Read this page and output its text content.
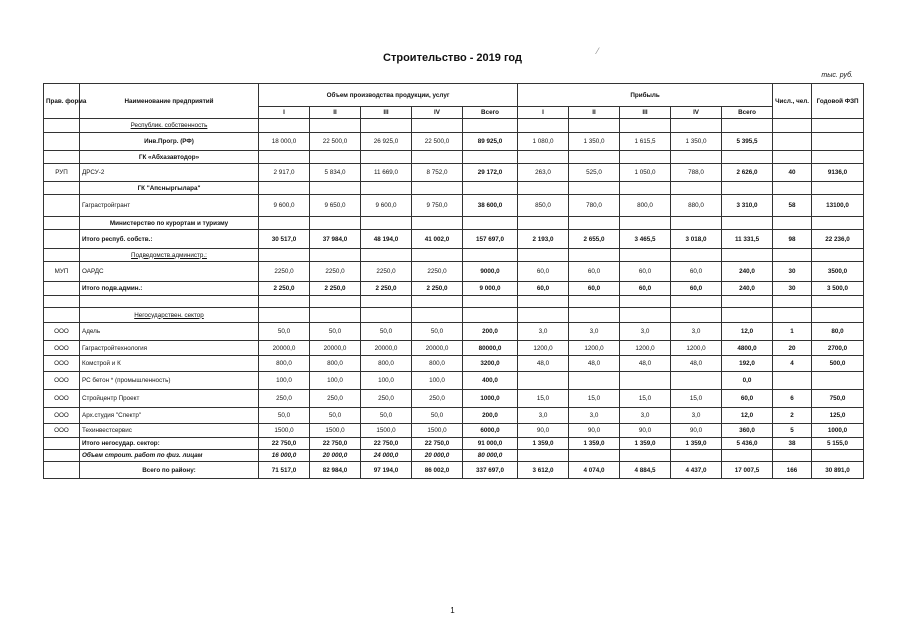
Строительство - 2019 год
⁄
тыс. руб.
Прав. форма	Наименование предприятий	Объем производства продукции, услуг					Прибыль					Числ., чел.	Годовой ФЗП
		I	II	III	IV	Всего	I	II	III	IV	Всего		
	Республик. собственность												
	Инв.Прогр. (РФ)	18 000,0	22 500,0	26 925,0	22 500,0	89 925,0	1 080,0	1 350,0	1 615,5	1 350,0	5 395,5		
	ГК «Абхазавтодор»												
РУП	ДРСУ-2	2 917,0	5 834,0	11 669,0	8 752,0	29 172,0	263,0	525,0	1 050,0	788,0	2 626,0	40	9136,0
	ГК "Апсныргылара"												
	Гаграстройгрант	9 600,0	9 650,0	9 600,0	9 750,0	38 600,0	850,0	780,0	800,0	880,0	3 310,0	58	13100,0
	Министерство по курортам и туризму												
	Итого респуб. собств.:	30 517,0	37 984,0	48 194,0	41 002,0	157 697,0	2 193,0	2 655,0	3 465,5	3 018,0	11 331,5	98	22 236,0
	Подведомств.администр.:												
МУП	ОАРДС	2250,0	2250,0	2250,0	2250,0	9000,0	60,0	60,0	60,0	60,0	240,0	30	3500,0
	Итого подв.админ.:	2 250,0	2 250,0	2 250,0	2 250,0	9 000,0	60,0	60,0	60,0	60,0	240,0	30	3 500,0

	Негосударствен. сектор												
ООО	Адель	50,0	50,0	50,0	50,0	200,0	3,0	3,0	3,0	3,0	12,0	1	80,0
ООО	Гаграстройтехнология	20000,0	20000,0	20000,0	20000,0	80000,0	1200,0	1200,0	1200,0	1200,0	4800,0	20	2700,0
ООО	Комстрой и К	800,0	800,0	800,0	800,0	3200,0	48,0	48,0	48,0	48,0	192,0	4	500,0
ООО	РС бетон * (промышленность)	100,0	100,0	100,0	100,0	400,0					0,0		
ООО	Стройцентр Проект	250,0	250,0	250,0	250,0	1000,0	15,0	15,0	15,0	15,0	60,0	6	750,0
ООО	Арх.студия "Спектр"	50,0	50,0	50,0	50,0	200,0	3,0	3,0	3,0	3,0	12,0	2	125,0
ООО	Техинвестсервис	1500,0	1500,0	1500,0	1500,0	6000,0	90,0	90,0	90,0	90,0	360,0	5	1000,0
	Итого негосудар. сектор:	22 750,0	22 750,0	22 750,0	22 750,0	91 000,0	1 359,0	1 359,0	1 359,0	1 359,0	5 436,0	38	5 155,0
	Объем строит. работ по физ. лицам	16 000,0	20 000,0	24 000,0	20 000,0	80 000,0							
	Всего по району:	71 517,0	82 984,0	97 194,0	86 002,0	337 697,0	3 612,0	4 074,0	4 884,5	4 437,0	17 007,5	166	30 891,0
1
